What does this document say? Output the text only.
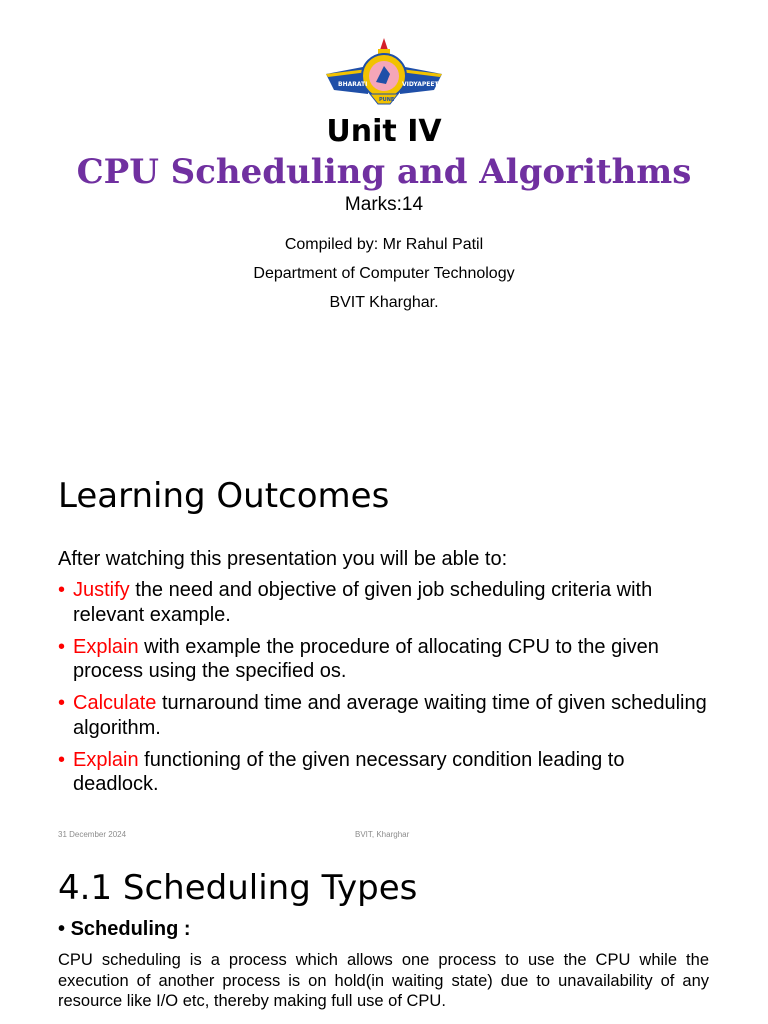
BHARATI	VIDYAPEETH
PUNE
Unit IV
CPU Scheduling and Algorithms
Marks:14
Compiled by: Mr Rahul Patil
Department of Computer Technology
BVIT Kharghar.
Learning Outcomes
After watching this presentation you will be able to:
• Justify the need and objective of given job scheduling criteria with relevant example.
• Explain with example the procedure of allocating CPU to the given process using the specified os.
• Calculate turnaround time and average waiting time of given scheduling algorithm.
• Explain functioning of the given necessary condition leading to deadlock.
31 December 2024	BVIT, Kharghar
4.1 Scheduling Types
• Scheduling :
CPU scheduling is a process which allows one process to use the CPU while the execution of another process is on hold(in waiting state) due to unavailability of any resource like I/O etc, thereby making full use of CPU.
